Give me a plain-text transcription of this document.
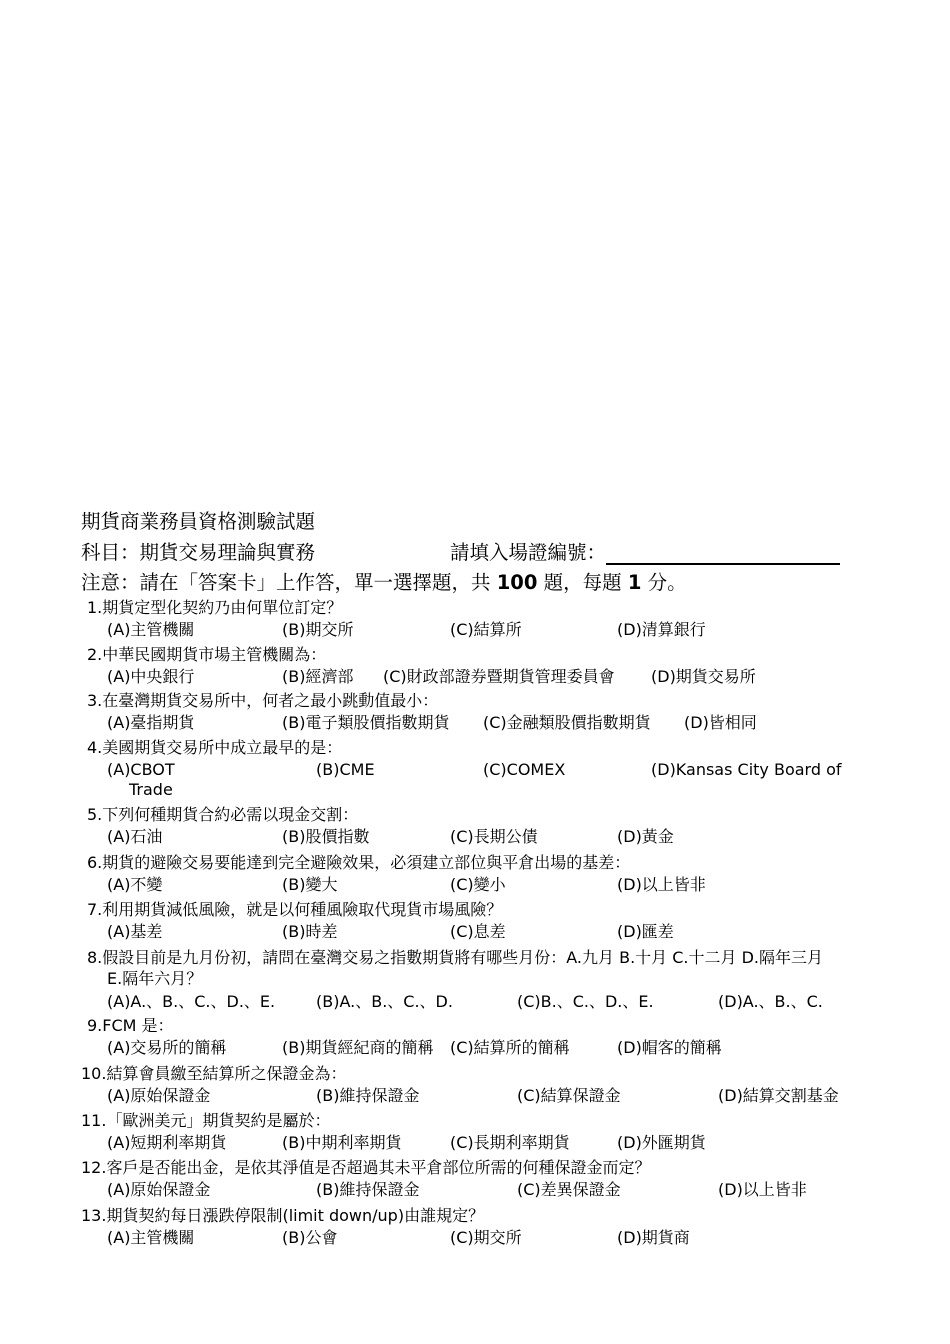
期貨商業務員資格測驗試題
科目：期貨交易理論與實務	請填入場證編號：
注意：請在「答案卡」上作答，單一選擇題，共 100 題，每題 1 分。
1.期貨定型化契約乃由何單位訂定？
(A)主管機關	(B)期交所	(C)結算所	(D)清算銀行
2.中華民國期貨市場主管機關為：
(A)中央銀行	(B)經濟部 (C)財政部證券暨期貨管理委員會 (D)期貨交易所
3.在臺灣期貨交易所中，何者之最小跳動值最小：
(A)臺指期貨	(B)電子類股價指數期貨 (C)金融類股價指數期貨 (D)皆相同
4.美國期貨交易所中成立最早的是：
(A)CBOT	(B)CME	(C)COMEX	(D)Kansas City Board of
Trade
5.下列何種期貨合約必需以現金交割：
(A)石油	(B)股價指數	(C)長期公債	(D)黃金
6.期貨的避險交易要能達到完全避險效果，必須建立部位與平倉出場的基差：
(A)不變	(B)變大	(C)變小	(D)以上皆非
7.利用期貨減低風險，就是以何種風險取代現貨市場風險？
(A)基差	(B)時差	(C)息差	(D)匯差
8.假設目前是九月份初，請問在臺灣交易之指數期貨將有哪些月份：A.九月 B.十月 C.十二月 D.隔年三月
E.隔年六月？
(A)A.、B.、C.、D.、E.	(B)A.、B.、C.、D.	(C)B.、C.、D.、E.	(D)A.、B.、C.
9.FCM 是：
(A)交易所的簡稱	(B)期貨經紀商的簡稱 (C)結算所的簡稱	(D)帽客的簡稱
10.結算會員繳至結算所之保證金為：
(A)原始保證金	(B)維持保證金	(C)結算保證金	(D)結算交割基金
11.「歐洲美元」期貨契約是屬於：
(A)短期利率期貨	(B)中期利率期貨	(C)長期利率期貨	(D)外匯期貨
12.客戶是否能出金，是依其淨值是否超過其未平倉部位所需的何種保證金而定？
(A)原始保證金	(B)維持保證金	(C)差異保證金	(D)以上皆非
13.期貨契約每日漲跌停限制(limit down/up)由誰規定？
(A)主管機關	(B)公會	(C)期交所	(D)期貨商
